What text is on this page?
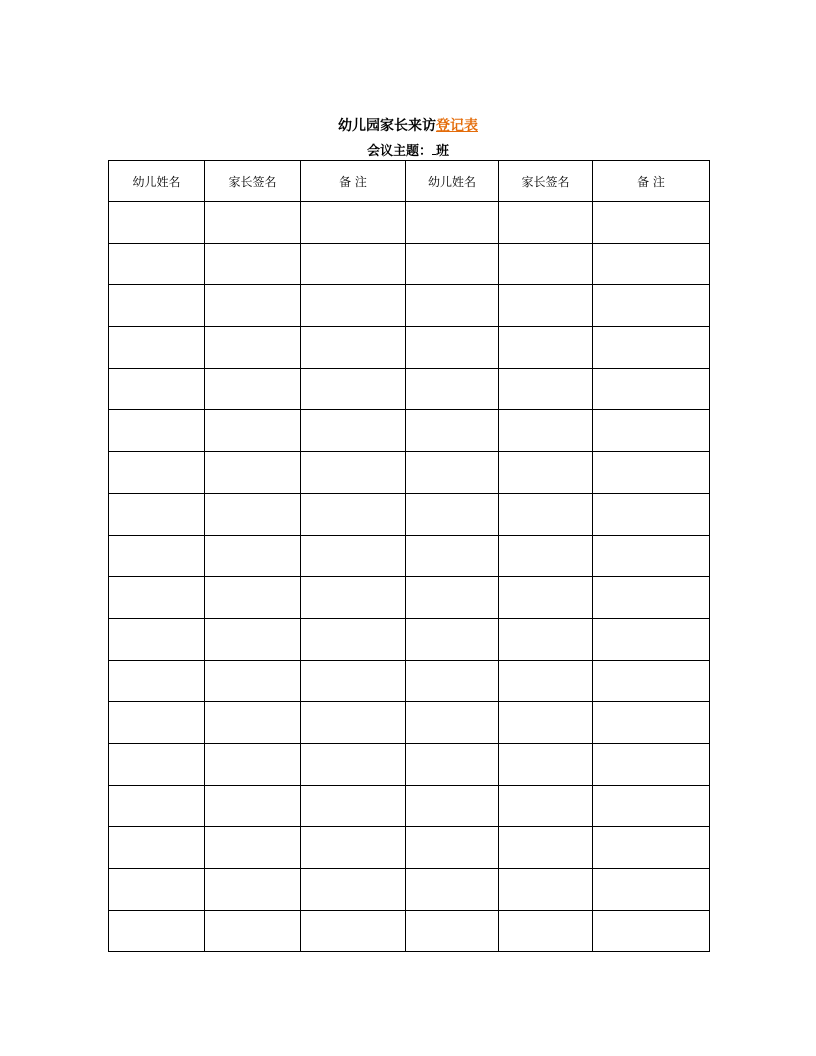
幼儿园家长来访登记表
会议主题： 班
幼儿姓名	家长签名	备 注	幼儿姓名	家长签名	备 注
